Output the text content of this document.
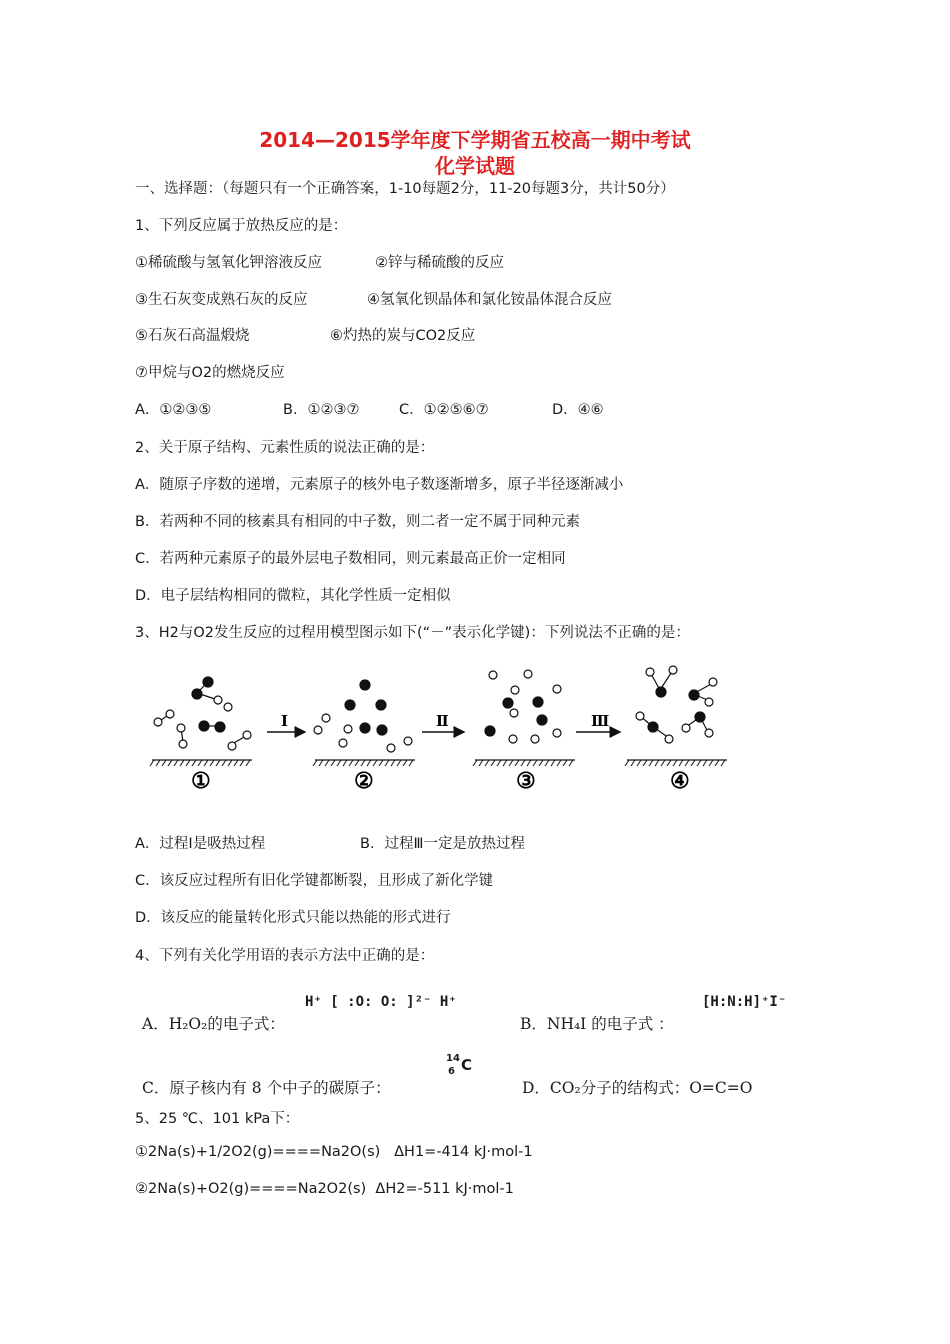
2014—2015学年度下学期省五校高一期中考试
化学试题
一、选择题：（每题只有一个正确答案，1-10每题2分，11-20每题3分，共计50分）
1、下列反应属于放热反应的是：
①稀硫酸与氢氧化钾溶液反应	②锌与稀硫酸的反应
③生石灰变成熟石灰的反应	④氢氧化钡晶体和氯化铵晶体混合反应
⑤石灰石高温煅烧	⑥灼热的炭与CO2反应
⑦甲烷与O2的燃烧反应
A．①②③⑤	B．①②③⑦	C．①②⑤⑥⑦	D．④⑥
2、关于原子结构、元素性质的说法正确的是：
A．随原子序数的递增，元素原子的核外电子数逐渐增多，原子半径逐渐减小
B．若两种不同的核素具有相同的中子数，则二者一定不属于同种元素
C．若两种元素原子的最外层电子数相同，则元素最高正价一定相同
D．电子层结构相同的微粒，其化学性质一定相似
3、H2与O2发生反应的过程用模型图示如下(“－”表示化学键)：下列说法不正确的是：
Ⅰ	Ⅱ	Ⅲ
①	②	③	④
A．过程Ⅰ是吸热过程	B．过程Ⅲ一定是放热过程
C．该反应过程所有旧化学键都断裂，且形成了新化学键
D．该反应的能量转化形式只能以热能的形式进行
4、下列有关化学用语的表示方法中正确的是：
A．H₂O₂的电子式：
H⁺ [ :O: O: ]²⁻ H⁺
B．NH₄I 的电子式 ：
[H:N:H]⁺I⁻
C．原子核内有 8 个中子的碳原子：
14
6 C
D．CO₂分子的结构式：O=C=O
5、25 ℃、101 kPa下：
①2Na(s)+1/2O2(g)====Na2O(s)   ΔH1=-414 kJ·mol-1
②2Na(s)+O2(g)====Na2O2(s)  ΔH2=-511 kJ·mol-1
